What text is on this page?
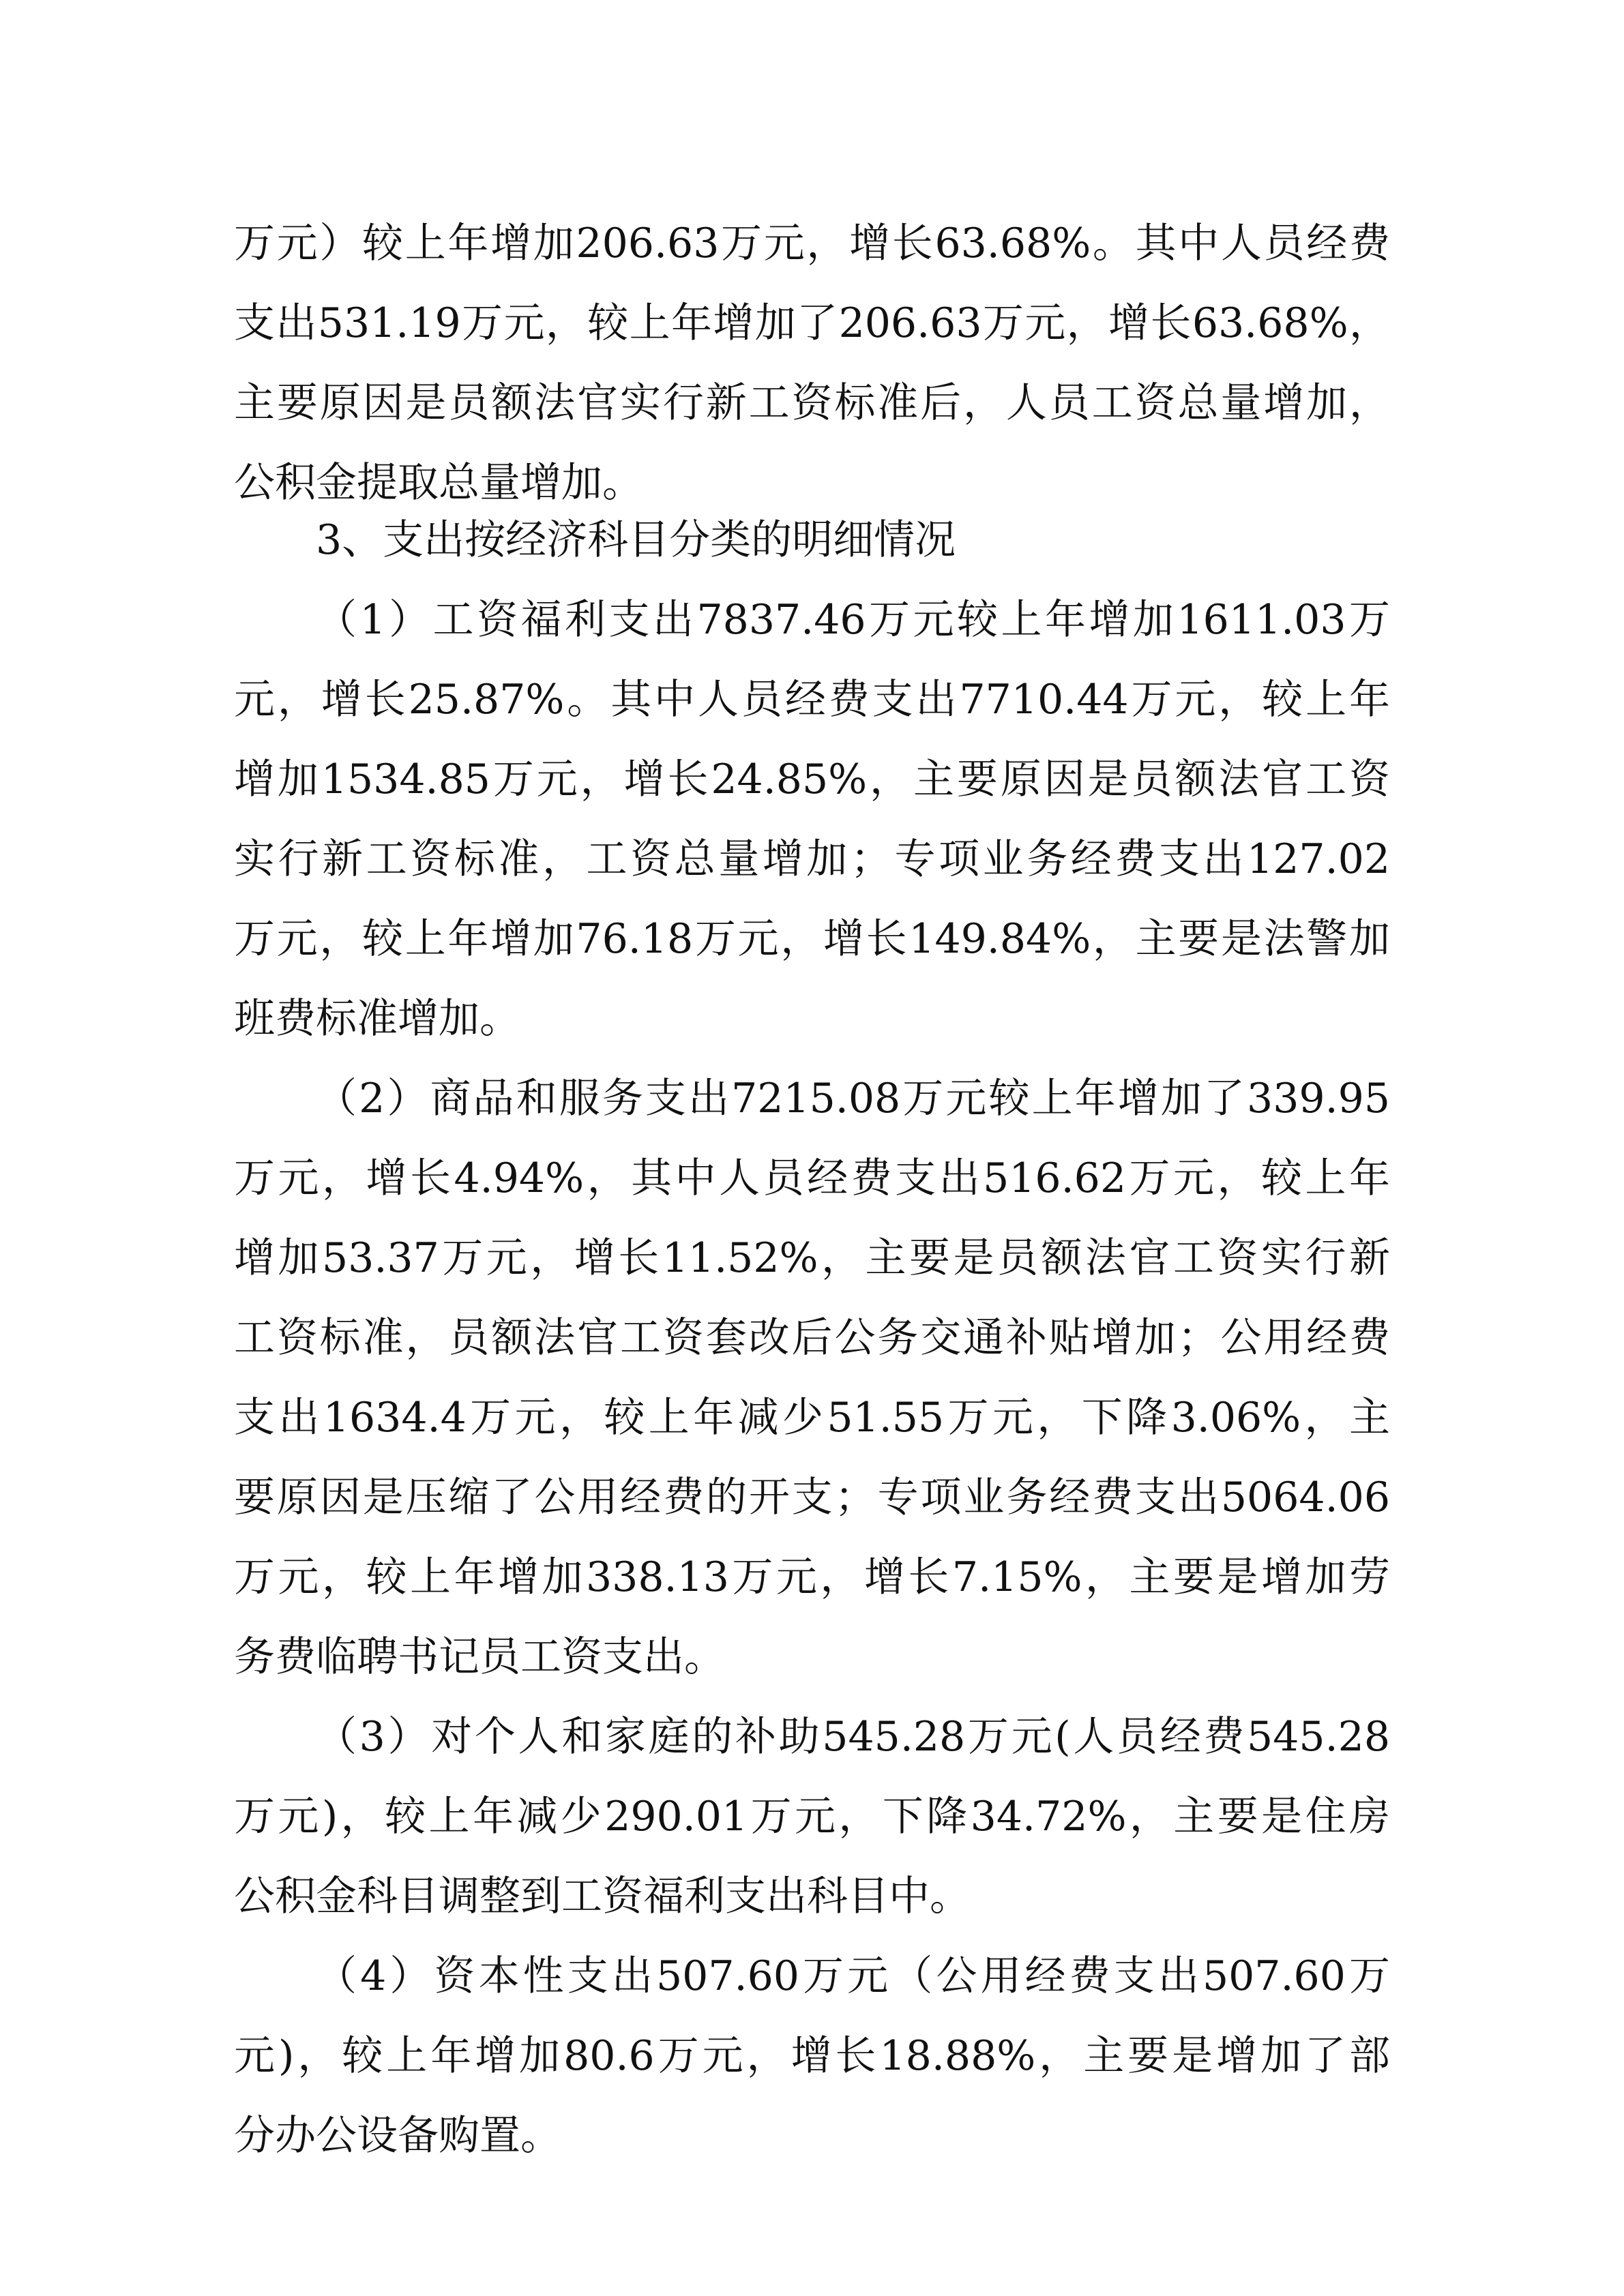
万元）较上年增加206.63万元，增长63.68%。其中人员经费
支出531.19万元，较上年增加了206.63万元，增长63.68%，
主要原因是员额法官实行新工资标准后，人员工资总量增加，
公积金提取总量增加。
3、支出按经济科目分类的明细情况
（1）工资福利支出7837.46万元较上年增加1611.03万
元，增长25.87%。其中人员经费支出7710.44万元，较上年
增加1534.85万元，增长24.85%，主要原因是员额法官工资
实行新工资标准，工资总量增加；专项业务经费支出127.02
万元，较上年增加76.18万元，增长149.84%，主要是法警加
班费标准增加。
（2）商品和服务支出7215.08万元较上年增加了339.95
万元，增长4.94%，其中人员经费支出516.62万元，较上年
增加53.37万元，增长11.52%，主要是员额法官工资实行新
工资标准，员额法官工资套改后公务交通补贴增加；公用经费
支出1634.4万元，较上年减少51.55万元，下降3.06%，主
要原因是压缩了公用经费的开支；专项业务经费支出5064.06
万元，较上年增加338.13万元，增长7.15%，主要是增加劳
务费临聘书记员工资支出。
（3）对个人和家庭的补助545.28万元(人员经费545.28
万元)，较上年减少290.01万元，下降34.72%，主要是住房
公积金科目调整到工资福利支出科目中。
（4）资本性支出507.60万元（公用经费支出507.60万
元)，较上年增加80.6万元，增长18.88%，主要是增加了部
分办公设备购置。
